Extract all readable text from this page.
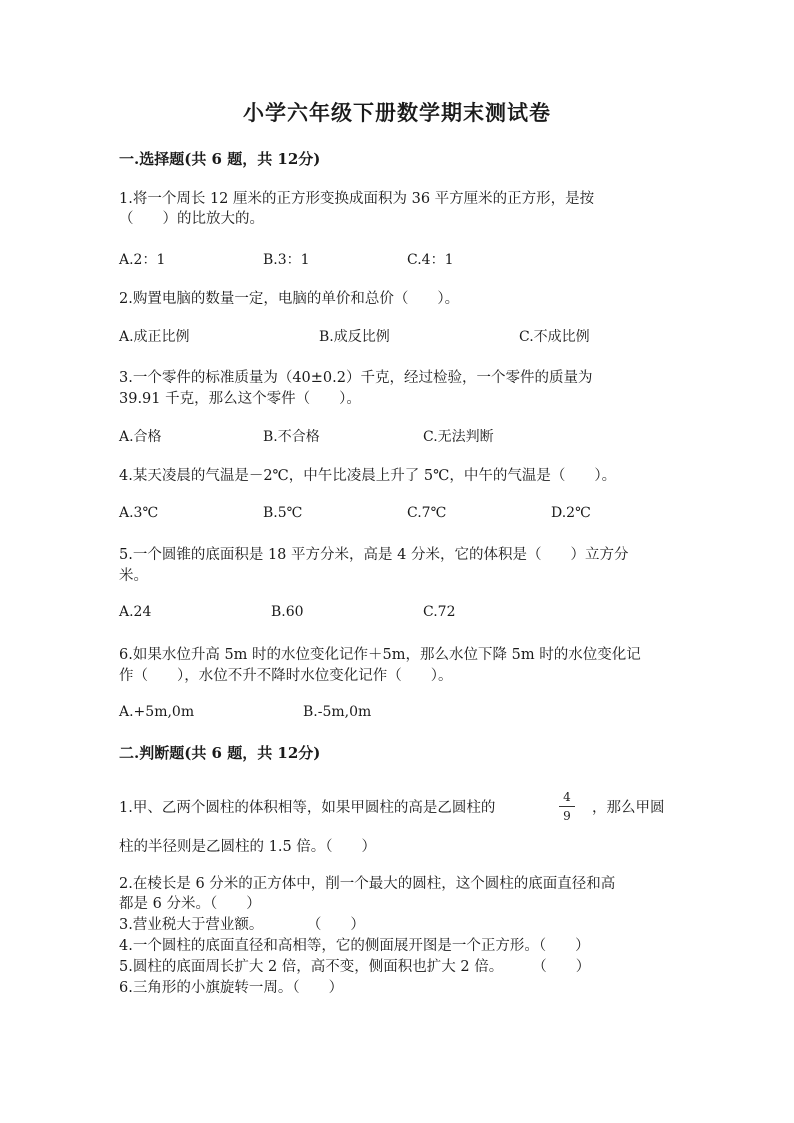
小学六年级下册数学期末测试卷
一.选择题(共 6 题，共 12分)
1.将一个周长 12 厘米的正方形变换成面积为 36 平方厘米的正方形，是按
（　　）的比放大的。
A.2：1	B.3：1	C.4：1
2.购置电脑的数量一定，电脑的单价和总价（　　）。
A.成正比例	B.成反比例	C.不成比例
3.一个零件的标准质量为（40±0.2）千克，经过检验，一个零件的质量为
39.91 千克，那么这个零件（　　）。
A.合格	B.不合格	C.无法判断
4.某天凌晨的气温是－2℃，中午比凌晨上升了 5℃，中午的气温是（　　）。
A.3℃	B.5℃	C.7℃	D.2℃
5.一个圆锥的底面积是 18 平方分米，高是 4 分米，它的体积是（　　）立方分
米。
A.24	B.60	C.72
6.如果水位升高 5m 时的水位变化记作＋5m，那么水位下降 5m 时的水位变化记
作（　　），水位不升不降时水位变化记作（　　）。
A.+5m,0m	B.-5m,0m
二.判断题(共 6 题，共 12分)
1.甲、乙两个圆柱的体积相等，如果甲圆柱的高是乙圆柱的
4
9 ，那么甲圆
柱的半径则是乙圆柱的 1.5 倍。（　　）
2.在棱长是 6 分米的正方体中，削一个最大的圆柱，这个圆柱的底面直径和高
都是 6 分米。（　　）
3.营业税大于营业额。　　　　（　　）
4.一个圆柱的底面直径和高相等，它的侧面展开图是一个正方形。（　　）
5.圆柱的底面周长扩大 2 倍，高不变，侧面积也扩大 2 倍。　　　（　　）
6.三角形的小旗旋转一周。（　　）
